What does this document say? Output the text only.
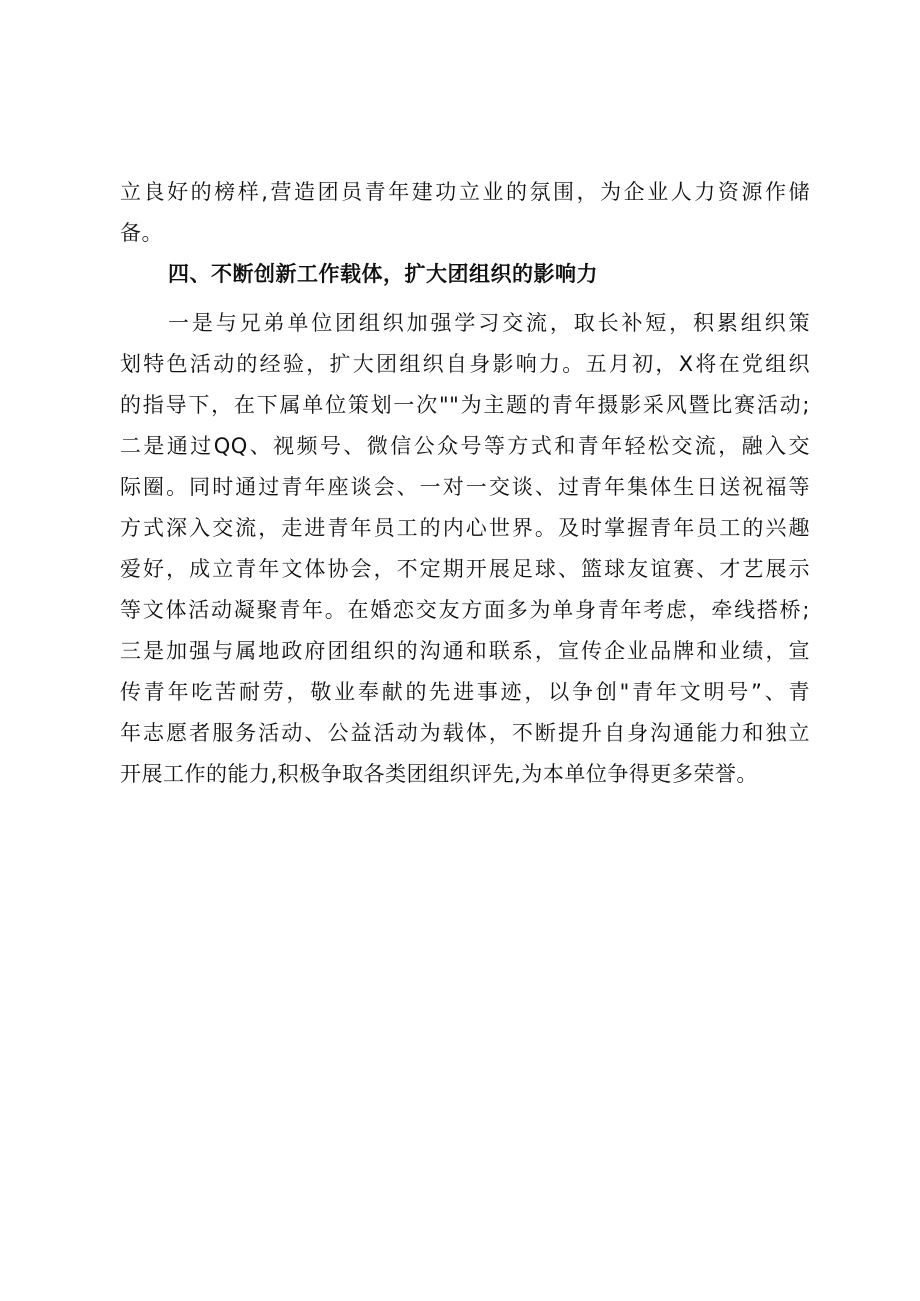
立良好的榜样,营造团员青年建功立业的氛围，为企业人力资源作储
备。
四、不断创新工作载体，扩大团组织的影响力
一是与兄弟单位团组织加强学习交流，取长补短，积累组织策
划特色活动的经验，扩大团组织自身影响力。五月初，X将在党组织
的指导下，在下属单位策划一次""为主题的青年摄影采风暨比赛活动;
二是通过QQ、视频号、微信公众号等方式和青年轻松交流，融入交
际圈。同时通过青年座谈会、一对一交谈、过青年集体生日送祝福等
方式深入交流，走进青年员工的内心世界。及时掌握青年员工的兴趣
爱好，成立青年文体协会，不定期开展足球、篮球友谊赛、才艺展示
等文体活动凝聚青年。在婚恋交友方面多为单身青年考虑，牵线搭桥;
三是加强与属地政府团组织的沟通和联系，宣传企业品牌和业绩，宣
传青年吃苦耐劳，敬业奉献的先进事迹，以争创"青年文明号”、青
年志愿者服务活动、公益活动为载体，不断提升自身沟通能力和独立
开展工作的能力,积极争取各类团组织评先,为本单位争得更多荣誉。
